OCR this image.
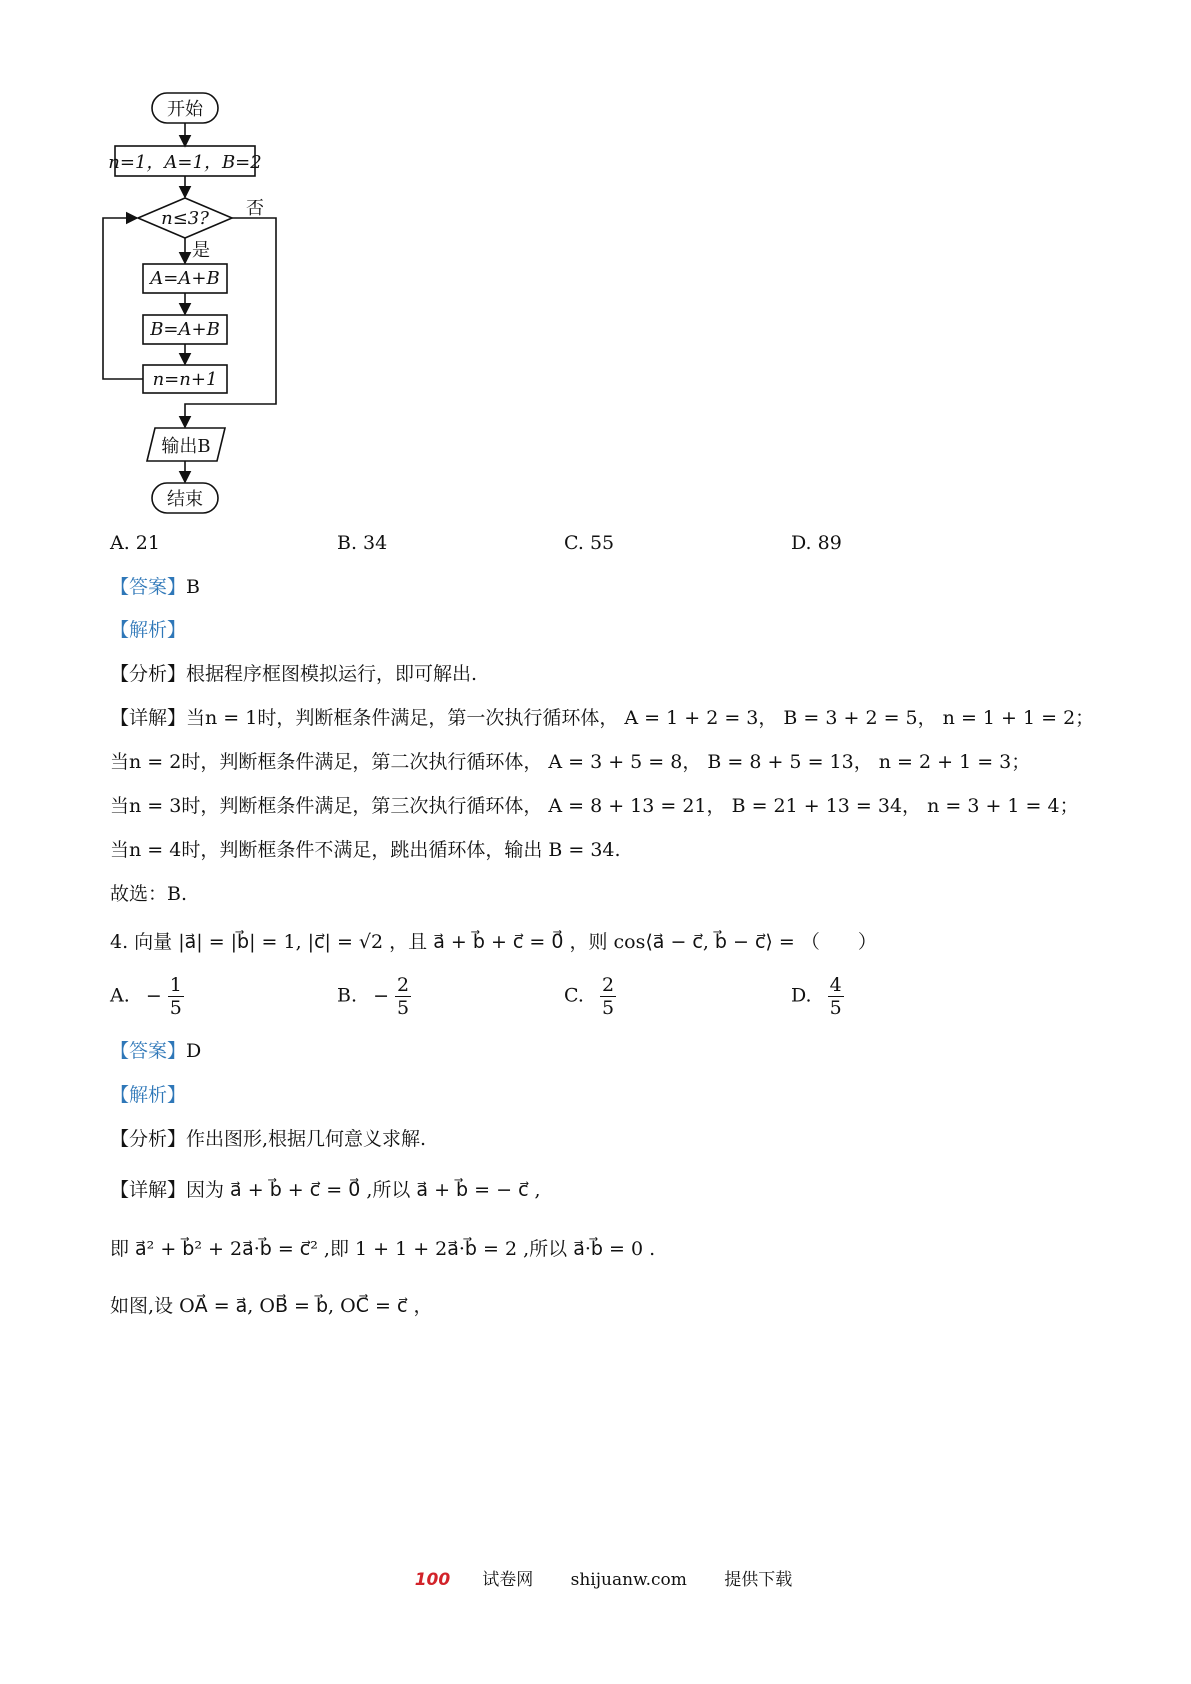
开始
n=1，A=1，B=2
n≤3?	否
是
A=A+B
B=A+B
n=n+1
输出B
结束
A. 21	B. 34	C. 55	D. 89
【答案】B
【解析】
【分析】根据程序框图模拟运行，即可解出.
【详解】当n = 1时，判断框条件满足，第一次执行循环体， A = 1 + 2 = 3， B = 3 + 2 = 5， n = 1 + 1 = 2；
当n = 2时，判断框条件满足，第二次执行循环体， A = 3 + 5 = 8， B = 8 + 5 = 13， n = 2 + 1 = 3；
当n = 3时，判断框条件满足，第三次执行循环体， A = 8 + 13 = 21， B = 21 + 13 = 34， n = 3 + 1 = 4；
当n = 4时，判断框条件不满足，跳出循环体，输出 B = 34.
故选：B.
4. 向量 |a⃗| = |b⃗| = 1, |c⃗| = √2 ，且 a⃗ + b⃗ + c⃗ = 0⃗ ，则 cos⟨a⃗ − c⃗, b⃗ − c⃗⟩ = （　　）
A. − $\frac{1}{5}$	B. − $\frac{2}{5}$	C. $\frac{2}{5}$	D. $\frac{4}{5}$
【答案】D
【解析】
【分析】作出图形,根据几何意义求解.
【详解】因为 a⃗ + b⃗ + c⃗ = 0⃗ ,所以 a⃗ + b⃗ = − c⃗ ,
即 a⃗² + b⃗² + 2a⃗·b⃗ = c⃗² ,即 1 + 1 + 2a⃗·b⃗ = 2 ,所以 a⃗·b⃗ = 0 .
如图,设 OA⃗ = a⃗, OB⃗ = b⃗, OC⃗ = c⃗ ，
100 试卷网 shijuanw.com 提供下载
